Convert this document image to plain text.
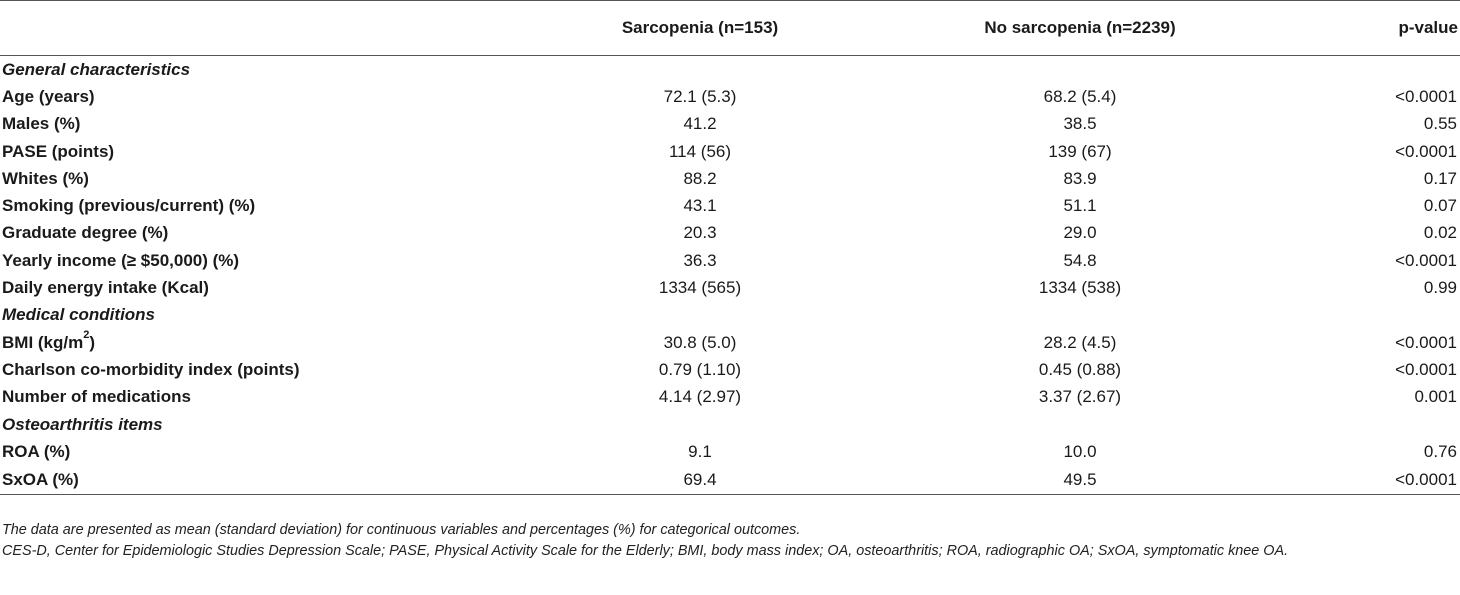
	Sarcopenia (n=153)	No sarcopenia (n=2239)	p-value
General characteristics			
Age (years)	72.1 (5.3)	68.2 (5.4)	<0.0001
Males (%)	41.2	38.5	0.55
PASE (points)	114 (56)	139 (67)	<0.0001
Whites (%)	88.2	83.9	0.17
Smoking (previous/current) (%)	43.1	51.1	0.07
Graduate degree (%)	20.3	29.0	0.02
Yearly income (≥ $50,000) (%)	36.3	54.8	<0.0001
Daily energy intake (Kcal)	1334 (565)	1334 (538)	0.99
Medical conditions			
BMI $(kg/m^2)$	30.8 (5.0)	28.2 (4.5)	<0.0001
Charlson co-morbidity index (points)	0.79 (1.10)	0.45 (0.88)	<0.0001
Number of medications	4.14 (2.97)	3.37 (2.67)	0.001
Osteoarthritis items			
ROA (%)	9.1	10.0	0.76
SxOA (%)	69.4	49.5	<0.0001

The data are presented as mean (standard deviation) for continuous variables and percentages (%) for categorical outcomes.

CES-D, Center for Epidemiologic Studies Depression Scale; PASE, Physical Activity Scale for the Elderly; BMI, body mass index; OA, osteoarthritis; ROA, radiographic OA; SxOA, symptomatic knee OA.
